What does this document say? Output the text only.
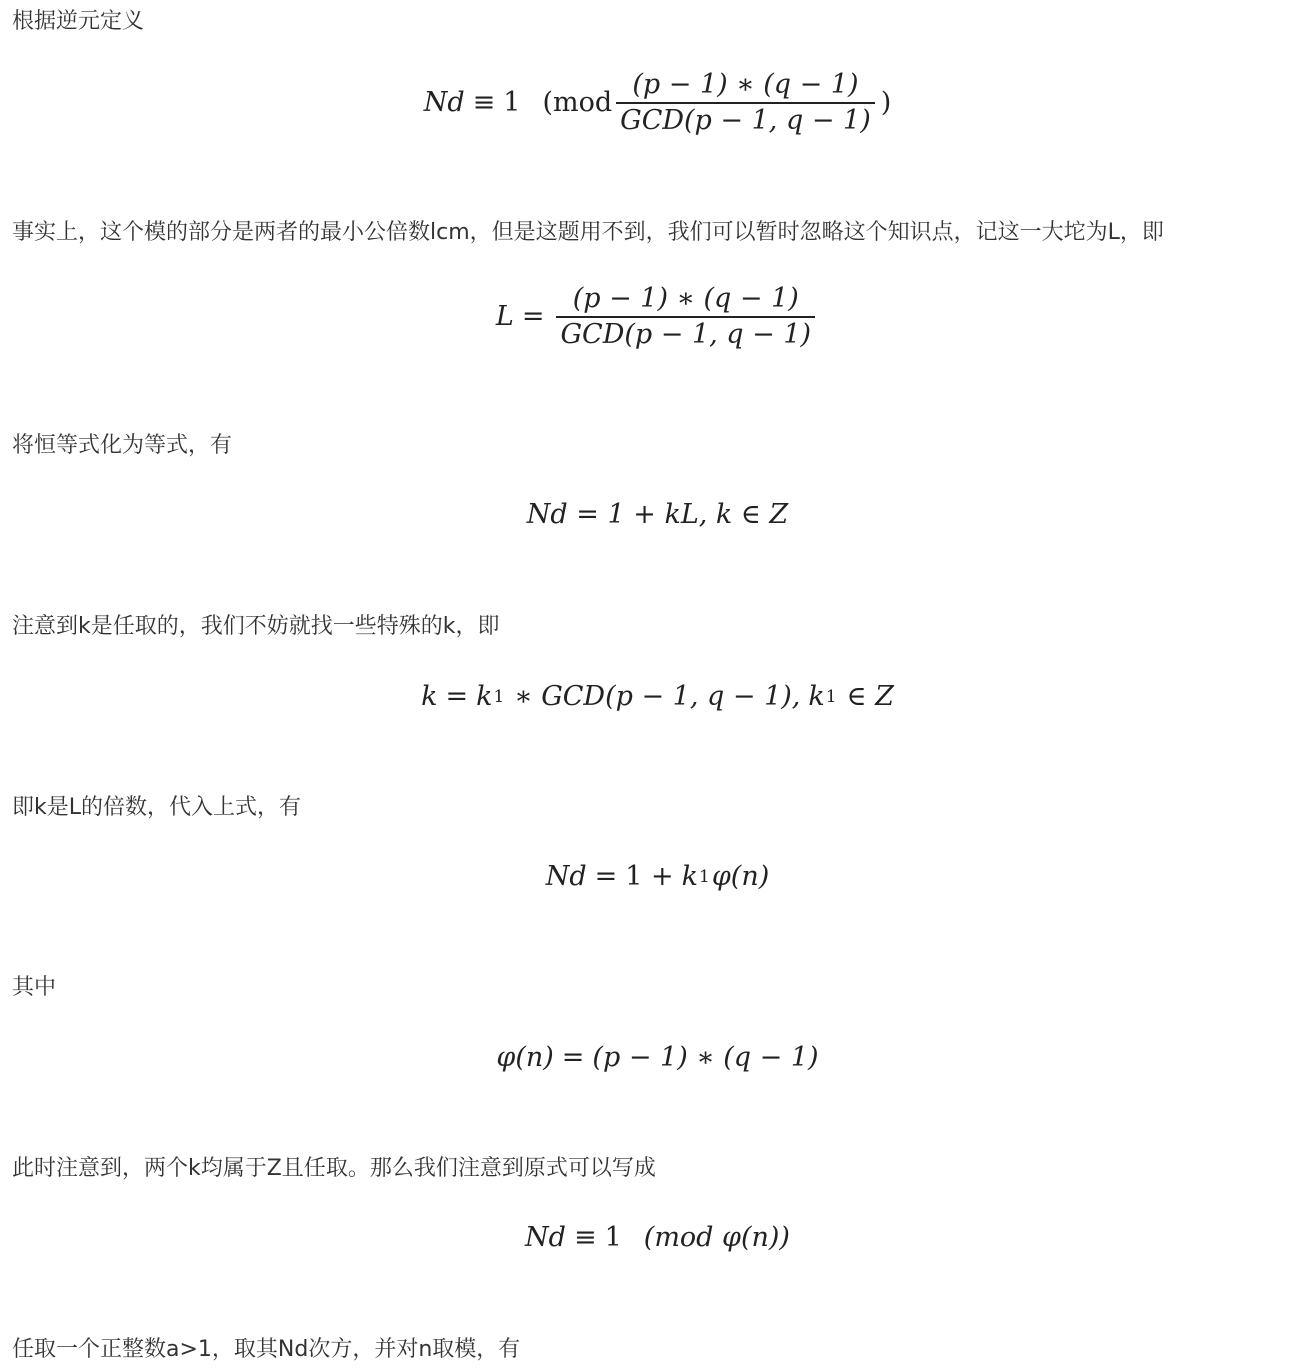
根据逆元定义
Nd ≡ 1 ( mod $\frac{(p - 1) ∗ (q - 1)}{\text{GCD(p − 1, q − 1)}}$ )
事实上，这个模的部分是两者的最小公倍数lcm，但是这题用不到，我们可以暂时忽略这个知识点，记这一大坨为L，即
$L = \frac{(p - 1) ∗ (q - 1)}{\text{GCD(p − 1, q − 1)}}$
将恒等式化为等式，有
Nd = 1 + kL, k ∈ Z
注意到k是任取的，我们不妨就找一些特殊的k，即
k = k 1 ∗ GCD(p − 1, q − 1), k 1 ∈ Z
即k是L的倍数，代入上式，有
Nd = 1 + k 1 φ(n)
其中
φ(n) = (p − 1) ∗ (q − 1)
此时注意到，两个k均属于Z且任取。那么我们注意到原式可以写成
Nd ≡ 1 (mod φ(n))
任取一个正整数a>1，取其Nd次方，并对n取模，有
